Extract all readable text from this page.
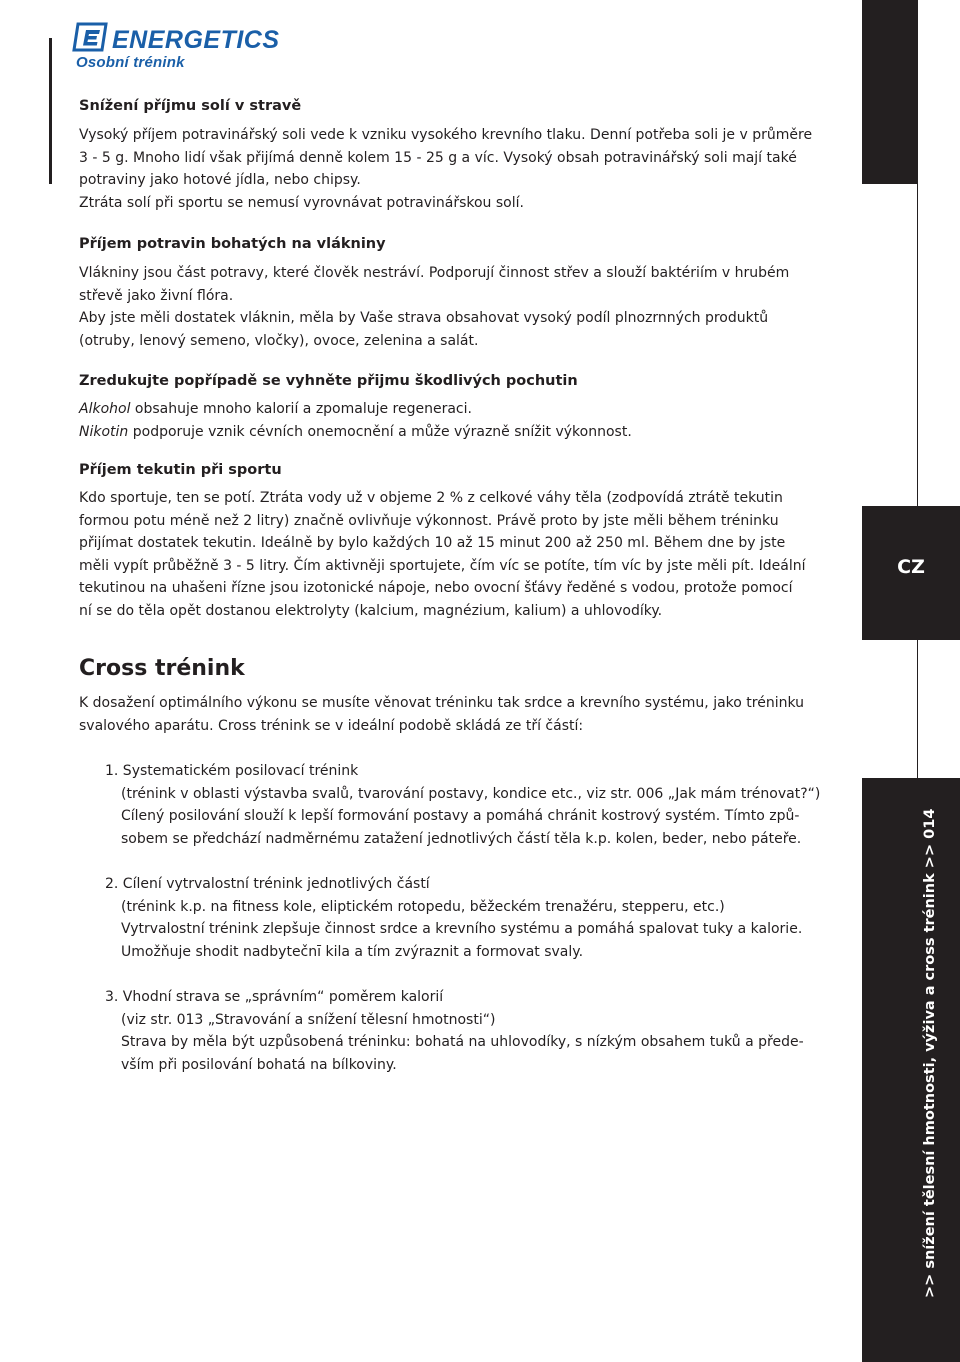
ENERGETICS
Osobní trénink
CZ
>> snížení tělesní hmotnosti, výživa a cross trénink >> 014
Snížení příjmu solí v stravě

Vysoký příjem potravinářský soli vede k vzniku vysokého krevního tlaku. Denní potřeba soli je v průměre
3 - 5 g. Mnoho lidí však přijímá denně kolem 15 - 25 g a víc. Vysoký obsah potravinářský soli mají také
potraviny jako hotové jídla, nebo chipsy.
Ztráta solí při sportu se nemusí vyrovnávat potravinářskou solí.

Příjem potravin bohatých na vlákniny

Vlákniny jsou část potravy, které člověk nestráví. Podporují činnost střev a slouží baktériím v hrubém
střevě jako živní flóra.
Aby jste měli dostatek vláknin, měla by Vaše strava obsahovat vysoký podíl plnozrnných produktů
(otruby, lenový semeno, vločky), ovoce, zelenina a salát.

Zredukujte popřípadě se vyhněte přijmu škodlivých pochutin

Alkohol obsahuje mnoho kalorií a zpomaluje regeneraci.
Nikotin podporuje vznik cévních onemocnění a může výrazně snížit výkonnost.

Příjem tekutin při sportu

Kdo sportuje, ten se potí. Ztráta vody už v objeme 2 % z celkové váhy těla (zodpovídá ztrátě tekutin
formou potu méně než 2 litry) značně ovlivňuje výkonnost. Právě proto by jste měli během tréninku
přijímat dostatek tekutin. Ideálně by bylo každých 10 až 15 minut 200 až 250 ml. Během dne by jste
měli vypít průběžně 3 - 5 litry. Čím aktivněji sportujete, čím víc se potíte, tím víc by jste měli pít. Ideální
tekutinou na uhašeni řízne jsou izotonické nápoje, nebo ovocní šťávy ředěné s vodou, protože pomocí
ní se do těla opět dostanou elektrolyty (kalcium, magnézium, kalium) a uhlovodíky.

Cross trénink

K dosažení optimálního výkonu se musíte věnovat tréninku tak srdce a krevního systému, jako tréninku
svalového aparátu. Cross trénink se v ideální podobě skládá ze tří částí:

1. Systematickém posilovací trénink
(trénink v oblasti výstavba svalů, tvarování postavy, kondice etc., viz str. 006 „Jak mám trénovat?“)
Cílený posilování slouží k lepší formování postavy a pomáhá chránit kostrový systém. Tímto způ-
sobem se předchází nadměrnému zatažení jednotlivých částí těla k.p. kolen, beder, nebo páteře.
2. Cílení vytrvalostní trénink jednotlivých částí
(trénink k.p. na fitness kole, eliptickém rotopedu, běžeckém trenažéru, stepperu, etc.)
Vytrvalostní trénink zlepšuje činnost srdce a krevního systému a pomáhá spalovat tuky a kalorie.
Umožňuje shodit nadbytečnī kila a tím zvýraznit a formovat svaly.
3. Vhodní strava se „správním“ poměrem kalorií
(viz str. 013 „Stravování a snížení tělesní hmotnosti“)
Strava by měla být uzpůsobená tréninku: bohatá na uhlovodíky, s nízkým obsahem tuků a přede-
vším při posilování bohatá na bílkoviny.
